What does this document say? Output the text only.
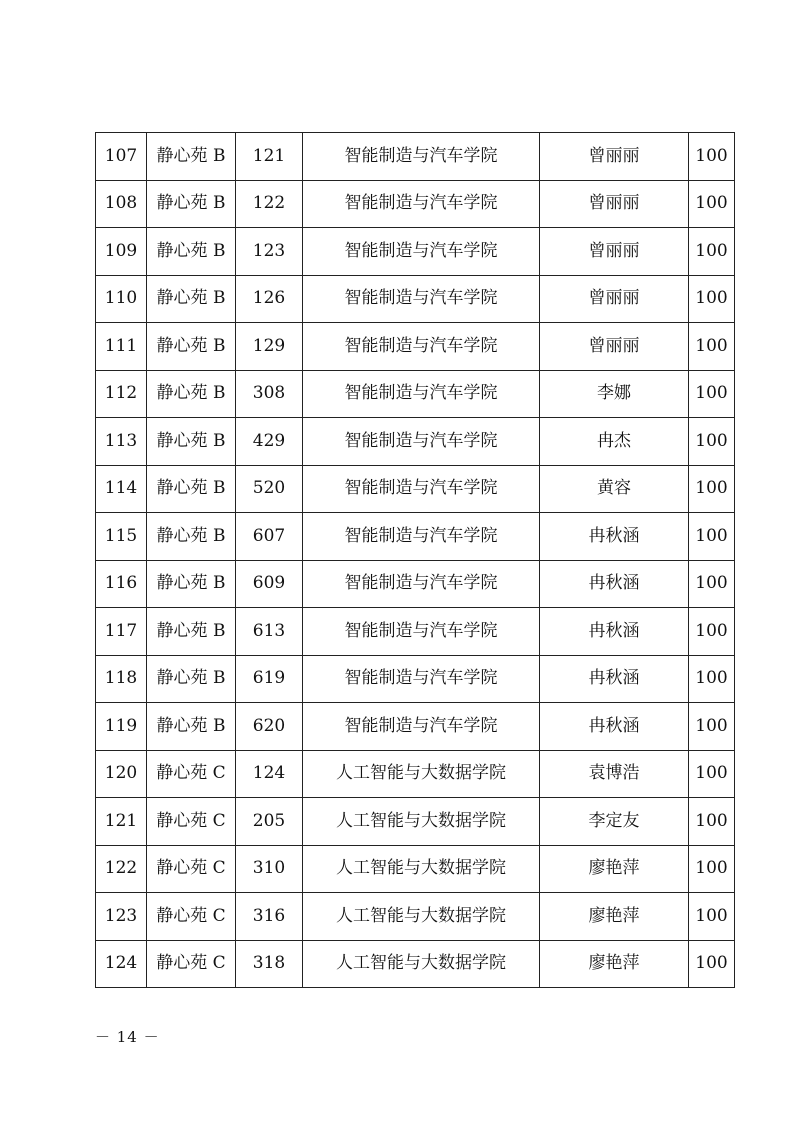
107	静心苑 B	121	智能制造与汽车学院	曾丽丽	100
108	静心苑 B	122	智能制造与汽车学院	曾丽丽	100
109	静心苑 B	123	智能制造与汽车学院	曾丽丽	100
110	静心苑 B	126	智能制造与汽车学院	曾丽丽	100
111	静心苑 B	129	智能制造与汽车学院	曾丽丽	100
112	静心苑 B	308	智能制造与汽车学院	李娜	100
113	静心苑 B	429	智能制造与汽车学院	冉杰	100
114	静心苑 B	520	智能制造与汽车学院	黄容	100
115	静心苑 B	607	智能制造与汽车学院	冉秋涵	100
116	静心苑 B	609	智能制造与汽车学院	冉秋涵	100
117	静心苑 B	613	智能制造与汽车学院	冉秋涵	100
118	静心苑 B	619	智能制造与汽车学院	冉秋涵	100
119	静心苑 B	620	智能制造与汽车学院	冉秋涵	100
120	静心苑 C	124	人工智能与大数据学院	袁博浩	100
121	静心苑 C	205	人工智能与大数据学院	李定友	100
122	静心苑 C	310	人工智能与大数据学院	廖艳萍	100
123	静心苑 C	316	人工智能与大数据学院	廖艳萍	100
124	静心苑 C	318	人工智能与大数据学院	廖艳萍	100
－ 14 －
